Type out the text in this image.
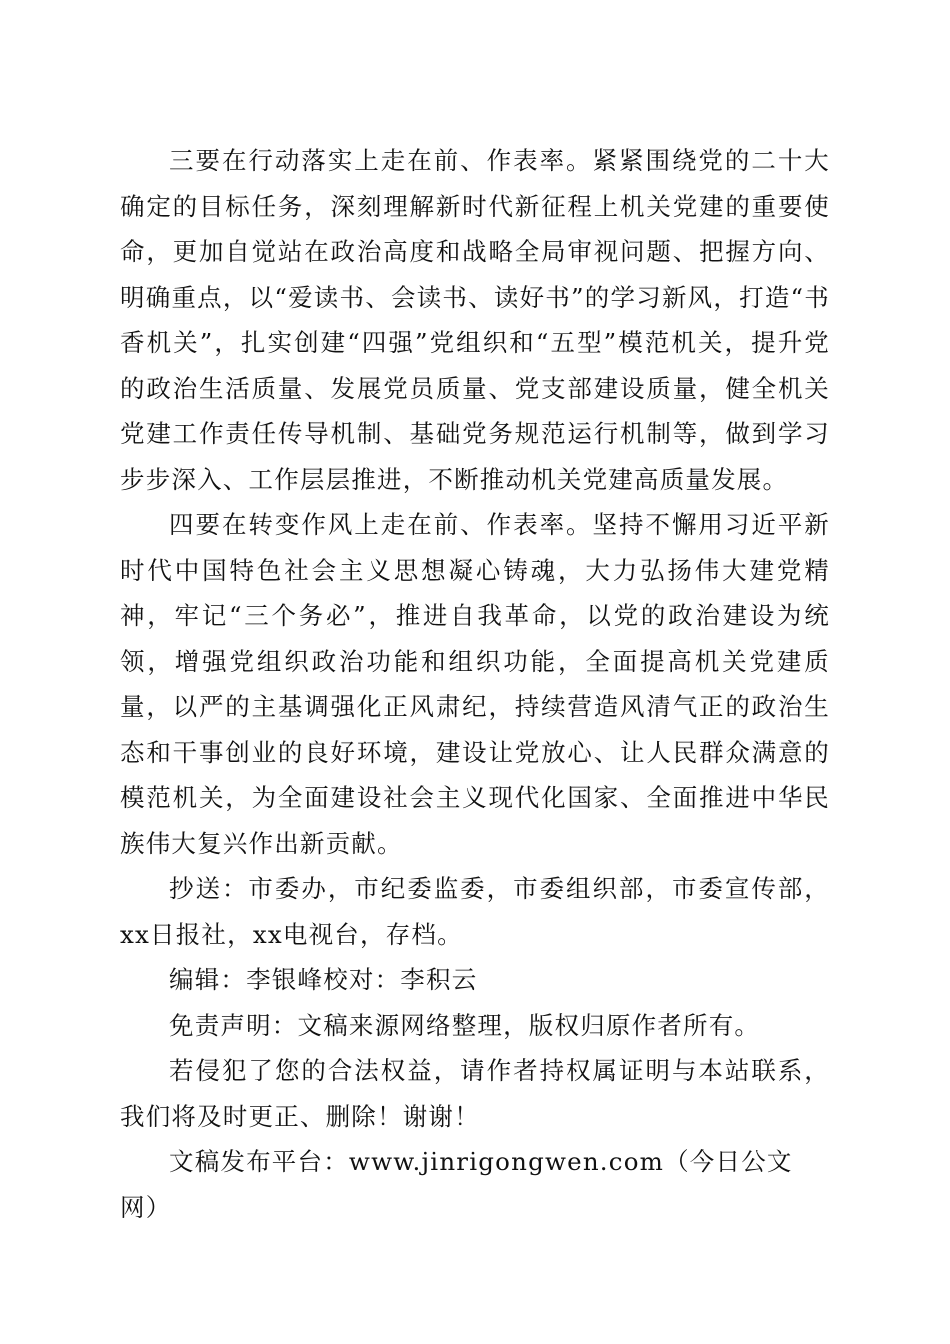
三要在行动落实上走在前、作表率。紧紧围绕党的二十大确定的目标任务，深刻理解新时代新征程上机关党建的重要使命，更加自觉站在政治高度和战略全局审视问题、把握方向、明确重点，以“爱读书、会读书、读好书”的学习新风，打造“书香机关”，扎实创建“四强”党组织和“五型”模范机关，提升党的政治生活质量、发展党员质量、党支部建设质量，健全机关党建工作责任传导机制、基础党务规范运行机制等，做到学习步步深入、工作层层推进，不断推动机关党建高质量发展。

四要在转变作风上走在前、作表率。坚持不懈用习近平新时代中国特色社会主义思想凝心铸魂，大力弘扬伟大建党精神，牢记“三个务必”，推进自我革命，以党的政治建设为统领，增强党组织政治功能和组织功能，全面提高机关党建质量，以严的主基调强化正风肃纪，持续营造风清气正的政治生态和干事创业的良好环境，建设让党放心、让人民群众满意的模范机关，为全面建设社会主义现代化国家、全面推进中华民族伟大复兴作出新贡献。

抄送：市委办，市纪委监委，市委组织部，市委宣传部，xx日报社，xx电视台，存档。

编辑：李银峰校对：李积云

免责声明：文稿来源网络整理，版权归原作者所有。

若侵犯了您的合法权益，请作者持权属证明与本站联系，我们将及时更正、删除！谢谢！

文稿发布平台：www.jinrigongwen.com（今日公文网）
